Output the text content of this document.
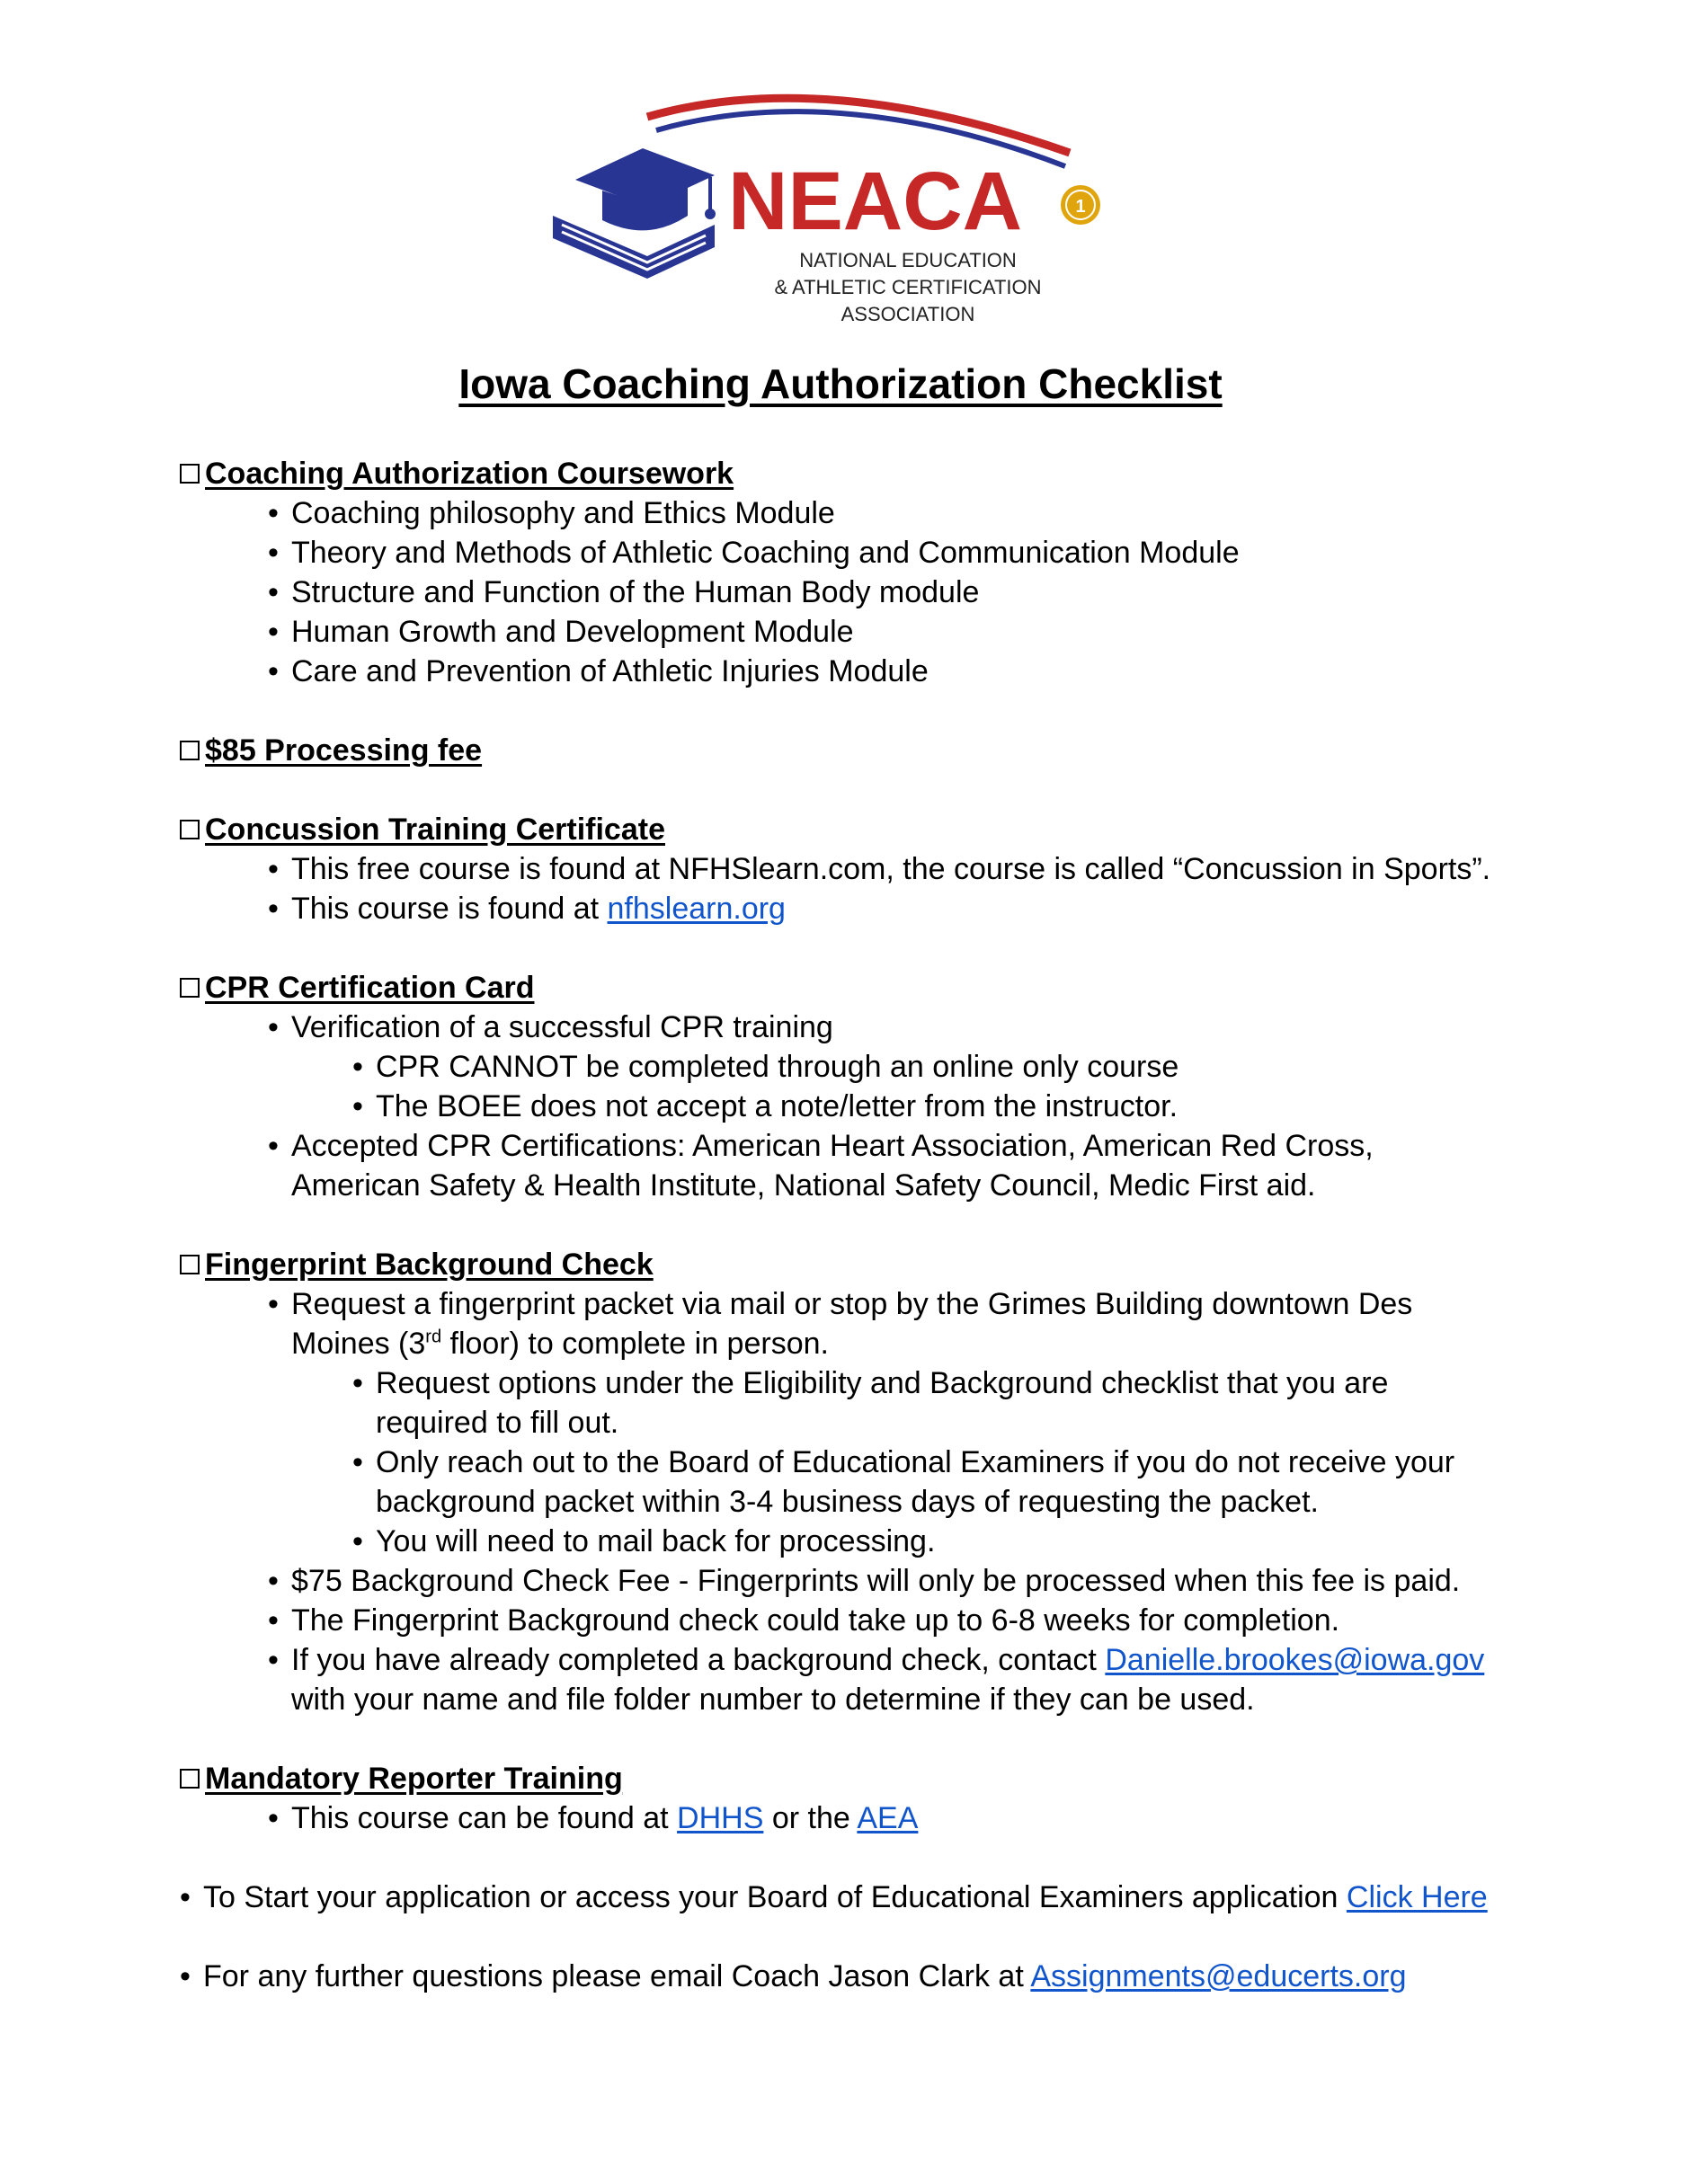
NEACA	1
NATIONAL EDUCATION
& ATHLETIC CERTIFICATION
ASSOCIATION
Iowa Coaching Authorization Checklist
Coaching Authorization Coursework
• Coaching philosophy and Ethics Module
• Theory and Methods of Athletic Coaching and Communication Module
• Structure and Function of the Human Body module
• Human Growth and Development Module
• Care and Prevention of Athletic Injuries Module
$85 Processing fee
Concussion Training Certificate
• This free course is found at NFHSlearn.com, the course is called “Concussion in Sports”.
• This course is found at nfhslearn.org
CPR Certification Card
• Verification of a successful CPR training
• CPR CANNOT be completed through an online only course
• The BOEE does not accept a note/letter from the instructor.
• Accepted CPR Certifications: American Heart Association, American Red Cross,
American Safety & Health Institute, National Safety Council, Medic First aid.
Fingerprint Background Check
• Request a fingerprint packet via mail or stop by the Grimes Building downtown Des
Moines (3rd floor) to complete in person.
• Request options under the Eligibility and Background checklist that you are
required to fill out.
• Only reach out to the Board of Educational Examiners if you do not receive your
background packet within 3-4 business days of requesting the packet.
• You will need to mail back for processing.
• $75 Background Check Fee - Fingerprints will only be processed when this fee is paid.
• The Fingerprint Background check could take up to 6-8 weeks for completion.
• If you have already completed a background check, contact Danielle.brookes@iowa.gov
with your name and file folder number to determine if they can be used.
Mandatory Reporter Training
• This course can be found at DHHS or the AEA
• To Start your application or access your Board of Educational Examiners application Click Here
• For any further questions please email Coach Jason Clark at Assignments@educerts.org
